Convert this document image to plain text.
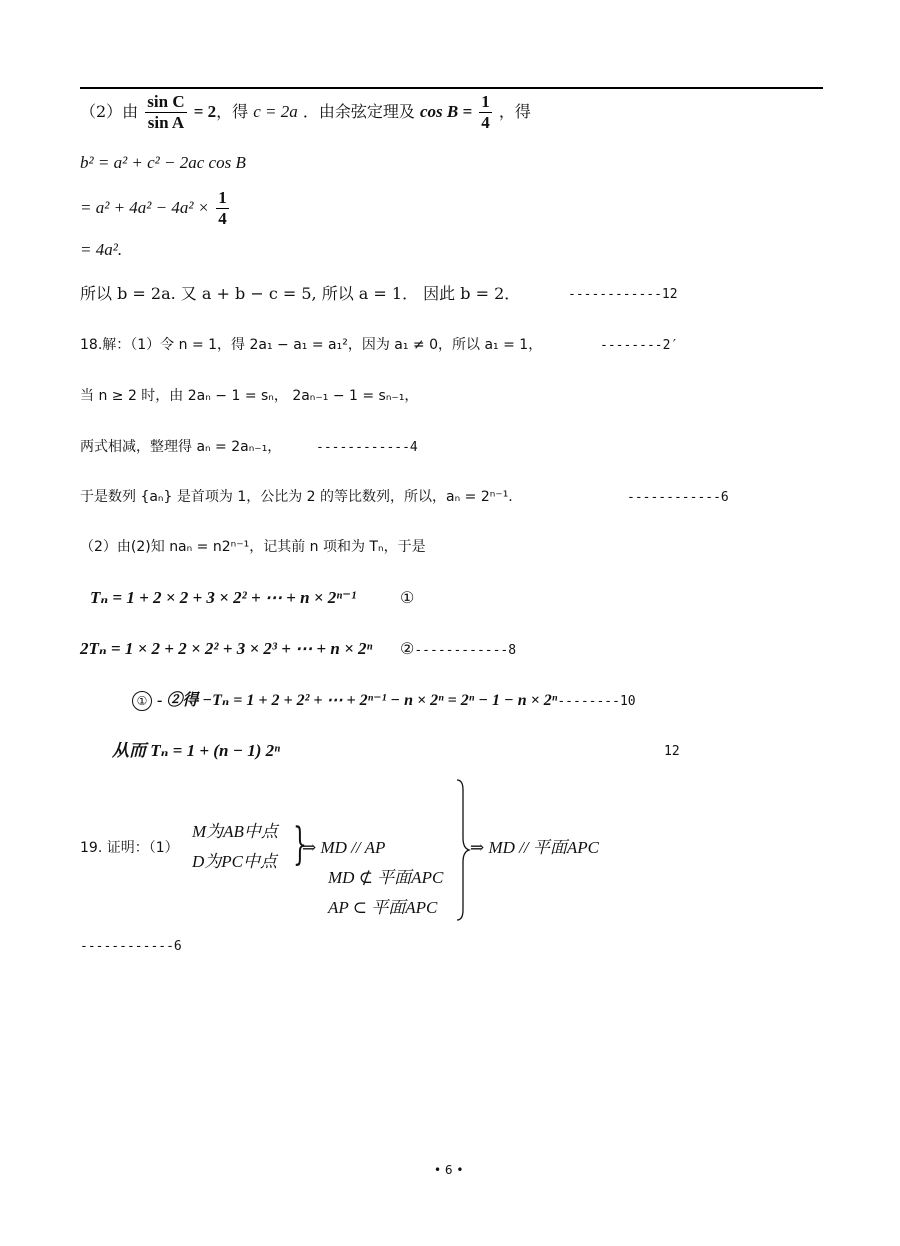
（2）由 $\frac{\text{sin C}}{\text{sin A}} = 2$，得 c = 2a ．由余弦定理及 $\cos B = \frac{1}{4}$ ，得
b² = a² + c² − 2ac cos B
= $a^2 + 4a^2 - 4a^2 \times \frac{1}{4}$
= 4a².
所以 b = 2a. 又 a + b − c = 5, 所以 a = 1． 因此 b = 2．	------------12
18.解：（1）令 n = 1，得 2a₁ − a₁ = a₁²，因为 a₁ ≠ 0，所以 a₁ = 1，	--------2′
当 n ≥ 2 时，由 2aₙ − 1 = sₙ， 2aₙ₋₁ − 1 = sₙ₋₁，
两式相减，整理得 aₙ = 2aₙ₋₁，	------------4
于是数列 {aₙ} 是首项为 1，公比为 2 的等比数列，所以，aₙ = 2ⁿ⁻¹.	------------6
（2）由(2)知 naₙ = n2ⁿ⁻¹，记其前 n 项和为 Tₙ，于是
Tₙ = 1 + 2 × 2 + 3 × 2² + ⋯ + n × 2ⁿ⁻¹	①
2Tₙ = 1 × 2 + 2 × 2² + 3 × 2³ + ⋯ + n × 2ⁿ ②------------8
① - ②得 −Tₙ = 1 + 2 + 2² + ⋯ + 2ⁿ⁻¹ − n × 2ⁿ = 2ⁿ − 1 − n × 2ⁿ--------10
从而 Tₙ = 1 + (n − 1) 2ⁿ	12
19. 证明：（1）
M为AB中点
D为PC中点 }
⇒ MD // AP
MD ⊄ 平面APC
AP ⊂ 平面APC
⇒ MD // 平面APC
------------6
• 6 •
